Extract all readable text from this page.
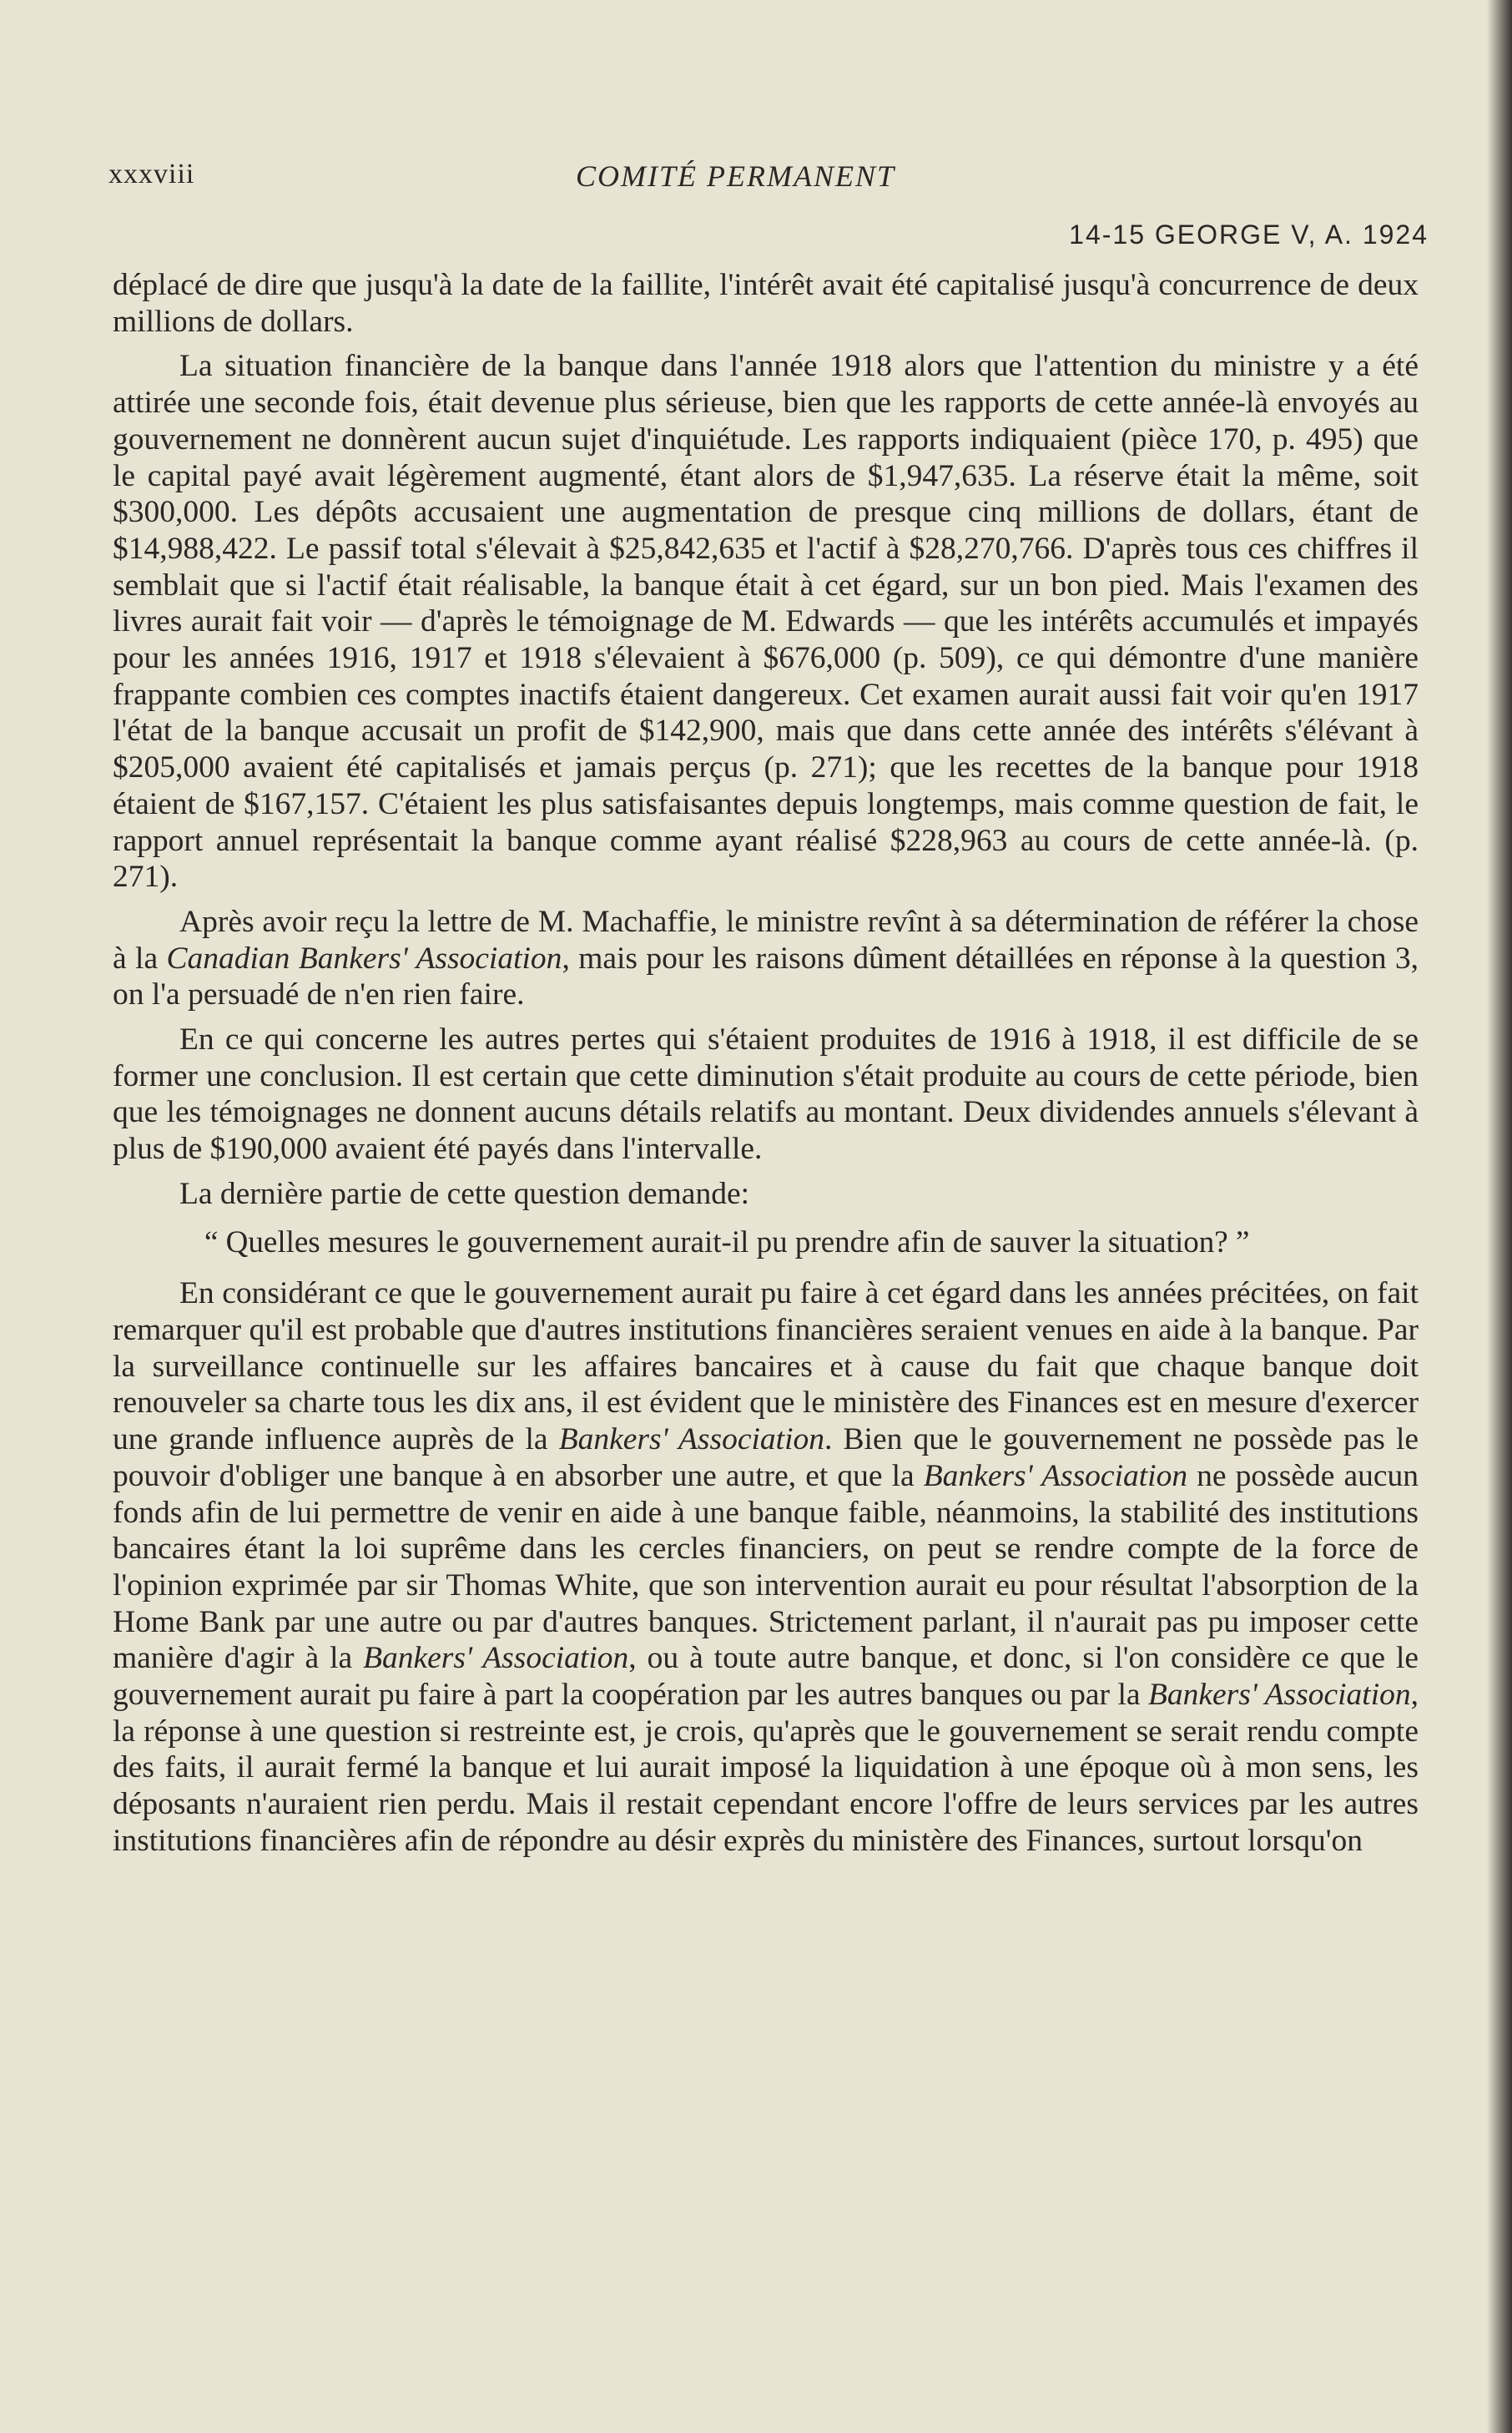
xxxviii	COMITÉ PERMANENT
14-15 GEORGE V, A. 1924

déplacé de dire que jusqu'à la date de la faillite, l'intérêt avait été capitalisé jusqu'à concurrence de deux millions de dollars.

La situation financière de la banque dans l'année 1918 alors que l'attention du ministre y a été attirée une seconde fois, était devenue plus sérieuse, bien que les rapports de cette année-là envoyés au gouvernement ne donnèrent aucun sujet d'inquiétude. Les rapports indiquaient (pièce 170, p. 495) que le capital payé avait légèrement augmenté, étant alors de $1,947,635. La réserve était la même, soit $300,000. Les dépôts accusaient une augmentation de presque cinq millions de dollars, étant de $14,988,422. Le passif total s'élevait à $25,842,635 et l'actif à $28,270,766. D'après tous ces chiffres il semblait que si l'actif était réalisable, la banque était à cet égard, sur un bon pied. Mais l'examen des livres aurait fait voir — d'après le témoignage de M. Edwards — que les intérêts accumulés et impayés pour les années 1916, 1917 et 1918 s'élevaient à $676,000 (p. 509), ce qui démontre d'une manière frappante combien ces comptes inactifs étaient dangereux. Cet examen aurait aussi fait voir qu'en 1917 l'état de la banque accusait un profit de $142,900, mais que dans cette année des intérêts s'élévant à $205,000 avaient été capitalisés et jamais perçus (p. 271); que les recettes de la banque pour 1918 étaient de $167,157. C'étaient les plus satisfaisantes depuis longtemps, mais comme question de fait, le rapport annuel représentait la banque comme ayant réalisé $228,963 au cours de cette année-là. (p. 271).

Après avoir reçu la lettre de M. Machaffie, le ministre revînt à sa détermination de référer la chose à la Canadian Bankers' Association, mais pour les raisons dûment détaillées en réponse à la question 3, on l'a persuadé de n'en rien faire.

En ce qui concerne les autres pertes qui s'étaient produites de 1916 à 1918, il est difficile de se former une conclusion. Il est certain que cette diminution s'était produite au cours de cette période, bien que les témoignages ne donnent aucuns détails relatifs au montant. Deux dividendes annuels s'élevant à plus de $190,000 avaient été payés dans l'intervalle.

La dernière partie de cette question demande:

“ Quelles mesures le gouvernement aurait-il pu prendre afin de sauver la situation? ”

En considérant ce que le gouvernement aurait pu faire à cet égard dans les années précitées, on fait remarquer qu'il est probable que d'autres institutions financières seraient venues en aide à la banque. Par la surveillance continuelle sur les affaires bancaires et à cause du fait que chaque banque doit renouveler sa charte tous les dix ans, il est évident que le ministère des Finances est en mesure d'exercer une grande influence auprès de la Bankers' Association. Bien que le gouvernement ne possède pas le pouvoir d'obliger une banque à en absorber une autre, et que la Bankers' Association ne possède aucun fonds afin de lui permettre de venir en aide à une banque faible, néanmoins, la stabilité des institutions bancaires étant la loi suprême dans les cercles financiers, on peut se rendre compte de la force de l'opinion exprimée par sir Thomas White, que son intervention aurait eu pour résultat l'absorption de la Home Bank par une autre ou par d'autres banques. Strictement parlant, il n'aurait pas pu imposer cette manière d'agir à la Bankers' Association, ou à toute autre banque, et donc, si l'on considère ce que le gouvernement aurait pu faire à part la coopération par les autres banques ou par la Bankers' Association, la réponse à une question si restreinte est, je crois, qu'après que le gouvernement se serait rendu compte des faits, il aurait fermé la banque et lui aurait imposé la liquidation à une époque où à mon sens, les déposants n'auraient rien perdu. Mais il restait cependant encore l'offre de leurs services par les autres institutions financières afin de répondre au désir exprès du ministère des Finances, surtout lorsqu'on
